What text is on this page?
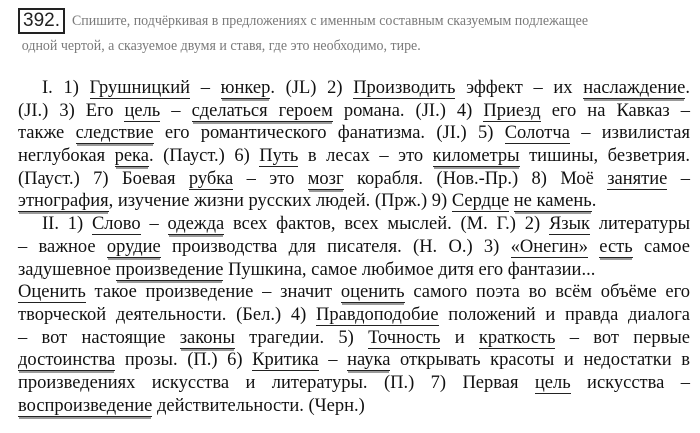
392. Спишите, подчёркивая в предложениях с именным составным сказуемым подлежащее
одной чертой, а сказуемое двумя и ставя, где это необходимо, тире.
I. 1) Грушницкий – юнкер. (JL) 2) Производить эффект – их наслаждение.
(JI.) 3) Его цель – сделаться героем романа. (JI.) 4) Приезд его на Кавказ –
также следствие его романтического фанатизма. (JI.) 5) Солотча – извилистая
неглубокая река. (Пауст.) 6) Путь в лесах – это километры тишины, безветрия.
(Пауст.) 7) Боевая рубка – это мозг корабля. (Нов.-Пр.) 8) Моё занятие –
этнография, изучение жизни русских людей. (Прж.) 9) Сердце не камень.
II. 1) Слово – одежда всех фактов, всех мыслей. (М. Г.) 2) Язык литературы
– важное орудие производства для писателя. (Н. О.) 3) «Онегин» есть самое
задушевное произведение Пушкина, самое любимое дитя его фантазии...
Оценить такое произведение – значит оценить самого поэта во всём объёме его
творческой деятельности. (Бел.) 4) Правдоподобие положений и правда диалога
– вот настоящие законы трагедии. 5) Точность и краткость – вот первые
достоинства прозы. (П.) 6) Критика – наука открывать красоты и недостатки в
произведениях искусства и литературы. (П.) 7) Первая цель искусства –
воспроизведение действительности. (Черн.)
